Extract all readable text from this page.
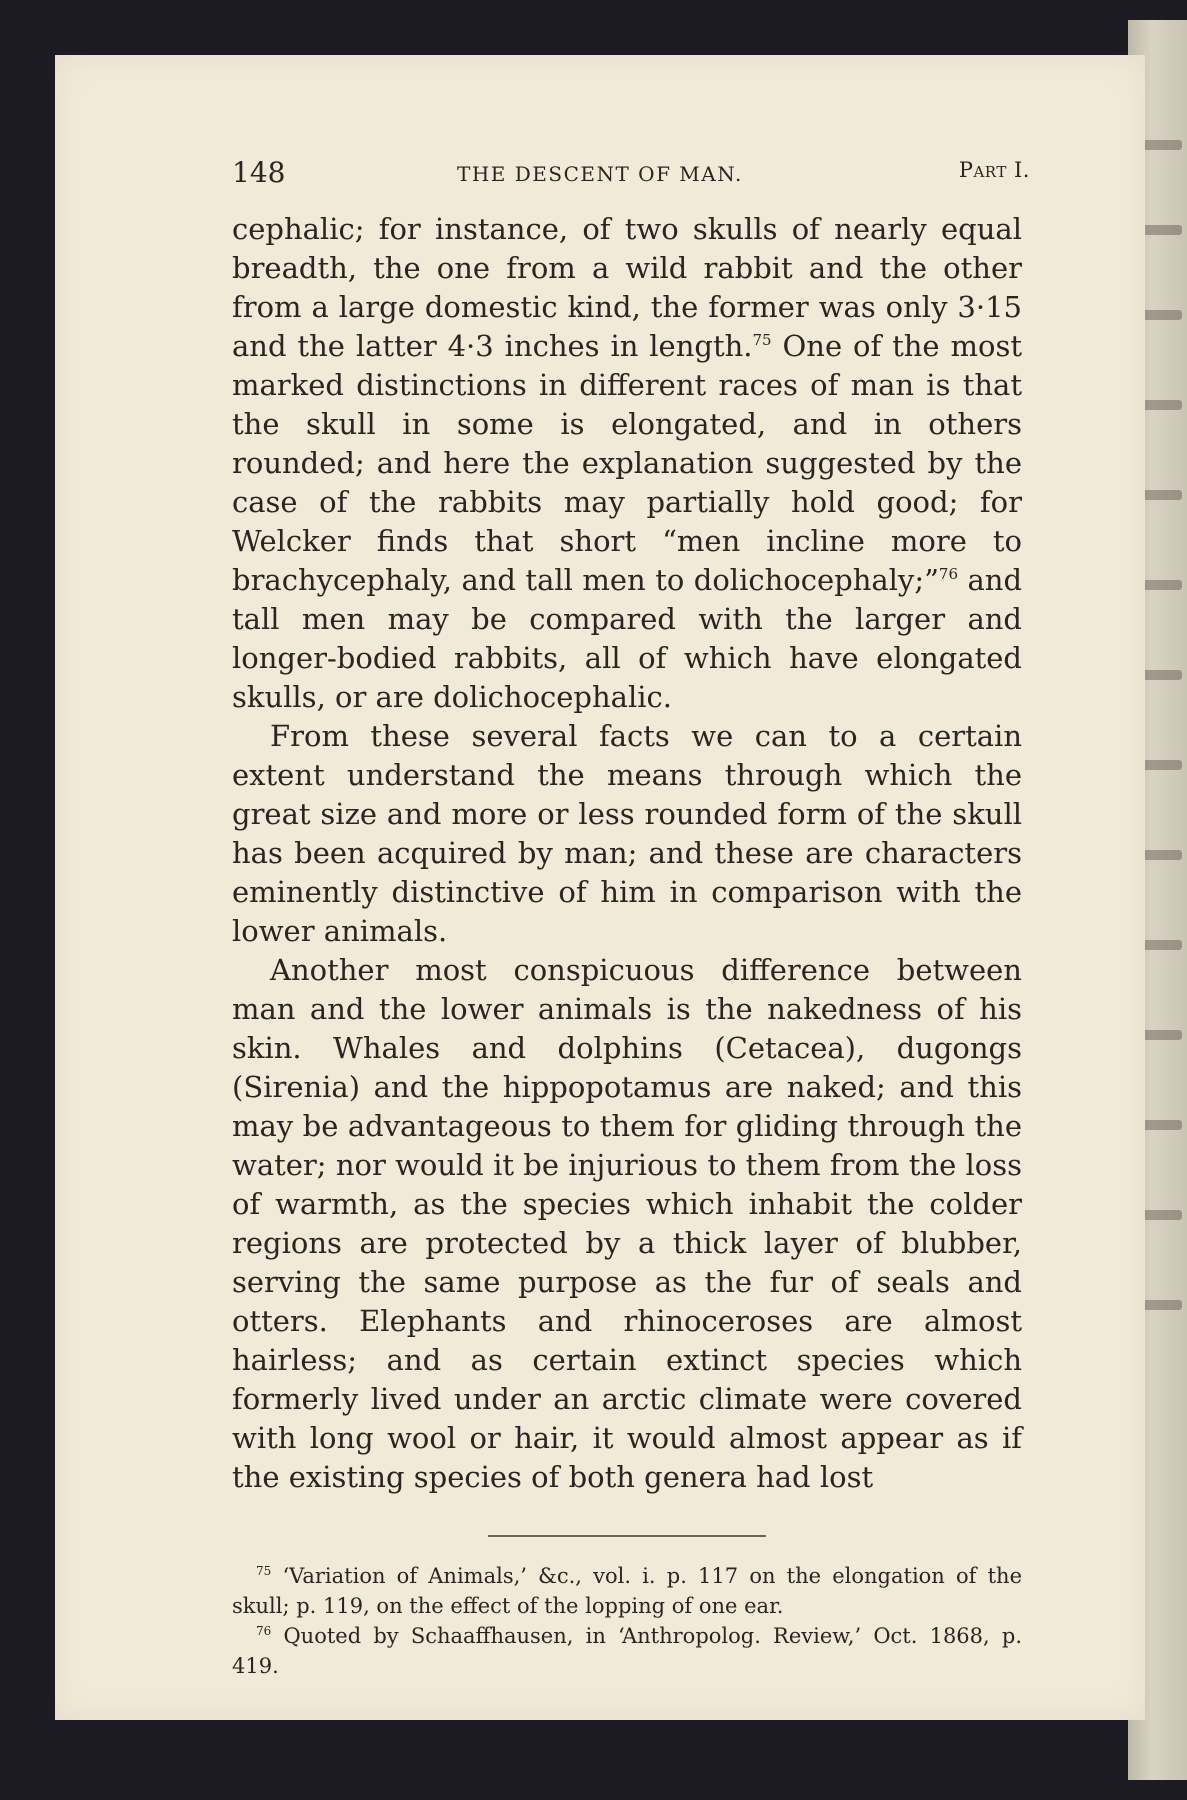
148	THE DESCENT OF MAN.	Part I.

cephalic; for instance, of two skulls of nearly equal breadth, the one from a wild rabbit and the other from a large domestic kind, the former was only 3·15 and the latter 4·3 inches in length.$^{75}$ One of the most marked distinctions in different races of man is that the skull in some is elongated, and in others rounded; and here the explanation suggested by the case of the rabbits may partially hold good; for Welcker finds that short “men incline more to brachycephaly, and tall men to dolichocephaly;”$^{76}$ and tall men may be compared with the larger and longer-bodied rabbits, all of which have elongated skulls, or are dolichocephalic.

From these several facts we can to a certain extent understand the means through which the great size and more or less rounded form of the skull has been acquired by man; and these are characters eminently distinctive of him in comparison with the lower animals.

Another most conspicuous difference between man and the lower animals is the nakedness of his skin. Whales and dolphins (Cetacea), dugongs (Sirenia) and the hippopotamus are naked; and this may be advantageous to them for gliding through the water; nor would it be injurious to them from the loss of warmth, as the species which inhabit the colder regions are protected by a thick layer of blubber, serving the same purpose as the fur of seals and otters. Elephants and rhinoceroses are almost hairless; and as certain extinct species which formerly lived under an arctic climate were covered with long wool or hair, it would almost appear as if the existing species of both genera had lost

$^{75}$ ‘Variation of Animals,’ &c., vol. i. p. 117 on the elongation of the skull; p. 119, on the effect of the lopping of one ear.

$^{76}$ Quoted by Schaaffhausen, in ‘Anthropolog. Review,’ Oct. 1868, p. 419.
